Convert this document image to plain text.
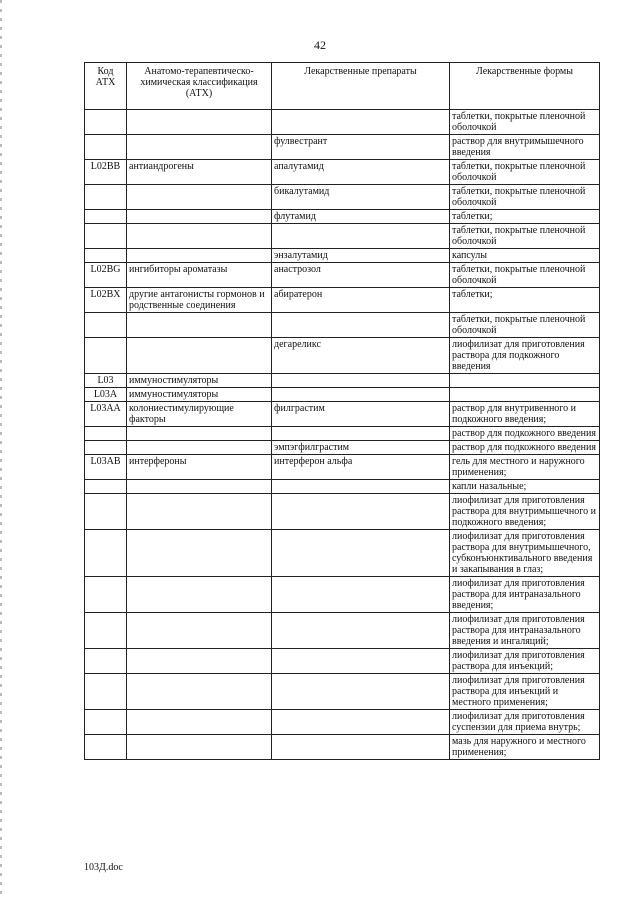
42
Код АТХ	Анатомо-терапевтическо-химическая классификация (АТХ)	Лекарственные препараты	Лекарственные формы
			таблетки, покрытые пленочной оболочкой
		фулвестрант	раствор для внутримышечного введения
L02BB	антиандрогены	апалутамид	таблетки, покрытые пленочной оболочкой
		бикалутамид	таблетки, покрытые пленочной оболочкой
		флутамид	таблетки;
			таблетки, покрытые пленочной оболочкой
		энзалутамид	капсулы
L02BG	ингибиторы ароматазы	анастрозол	таблетки, покрытые пленочной оболочкой
L02BX	другие антагонисты гормонов и родственные соединения	абиратерон	таблетки;
			таблетки, покрытые пленочной оболочкой
		дегареликс	лиофилизат для приготовления раствора для подкожного введения
L03	иммуностимуляторы		
L03A	иммуностимуляторы		
L03AA	колониестимулирующие факторы	филграстим	раствор для внутривенного и подкожного введения;
			раствор для подкожного введения
		эмпэгфилграстим	раствор для подкожного введения
L03AB	интерфероны	интерферон альфа	гель для местного и наружного применения;
			капли назальные;
			лиофилизат для приготовления раствора для внутримышечного и подкожного введения;
			лиофилизат для приготовления раствора для внутримышечного, субконъюнктивального введения и закапывания в глаз;
			лиофилизат для приготовления раствора для интраназального введения;
			лиофилизат для приготовления раствора для интраназального введения и ингаляций;
			лиофилизат для приготовления раствора для инъекций;
			лиофилизат для приготовления раствора для инъекций и местного применения;
			лиофилизат для приготовления суспензии для приема внутрь;
			мазь для наружного и местного применения;
103Д.doc
